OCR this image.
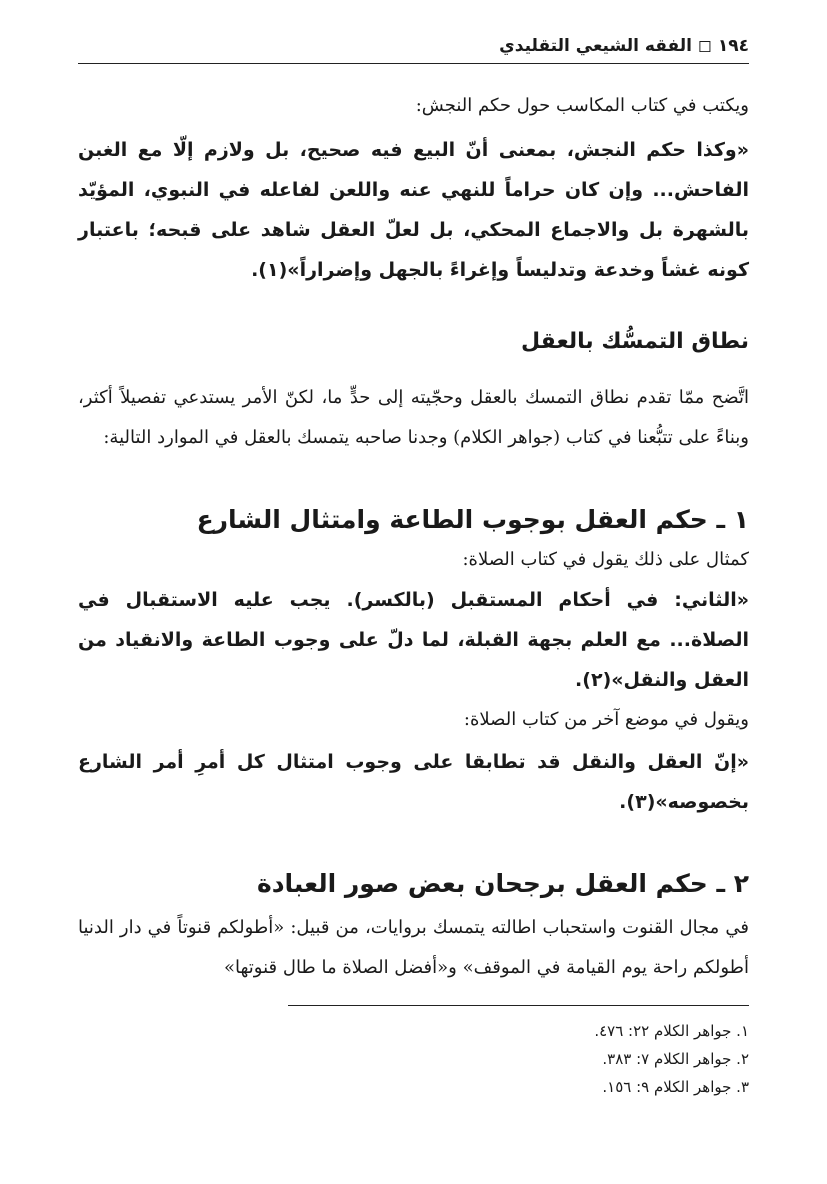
١٩٤ ◻ الفقه الشيعي التقليدي
ويكتب في كتاب المكاسب حول حكم النجش:
«وكذا حكم النجش، بمعنى أنّ البيع فيه صحيح، بل ولازم إلّا مع الغبن الفاحش... وإن كان حراماً للنهي عنه واللعن لفاعله في النبوي، المؤيّد بالشهرة بل والاجماع المحكي، بل لعلّ العقل شاهد على قبحه؛ باعتبار كونه غشاً وخدعة وتدليساً وإغراءً بالجهل وإضراراً»(١).
نطاق التمسُّك بالعقل
اتَّضح ممّا تقدم نطاق التمسك بالعقل وحجّيته إلى حدٍّ ما، لكنّ الأمر يستدعي تفصيلاً أكثر، وبناءً على تتبُّعنا في كتاب (جواهر الكلام) وجدنا صاحبه يتمسك بالعقل في الموارد التالية:
١ ـ حكم العقل بوجوب الطاعة وامتثال الشارع
كمثال على ذلك يقول في كتاب الصلاة:
«الثاني: في أحكام المستقبل (بالكسر). يجب عليه الاستقبال في الصلاة... مع العلم بجهة القبلة، لما دلّ على وجوب الطاعة والانقياد من العقل والنقل»(٢).
ويقول في موضع آخر من كتاب الصلاة:
«إنّ العقل والنقل قد تطابقا على وجوب امتثال كل أمرِ أمر الشارع بخصوصه»(٣).
٢ ـ حكم العقل برجحان بعض صور العبادة
في مجال القنوت واستحباب اطالته يتمسك بروايات، من قبيل: «أطولكم قنوتاً في دار الدنيا أطولكم راحة يوم القيامة في الموقف» و«أفضل الصلاة ما طال قنوتها»
١. جواهر الكلام ٢٢: ٤٧٦.
٢. جواهر الكلام ٧: ٣٨٣.
٣. جواهر الكلام ٩: ١٥٦.
